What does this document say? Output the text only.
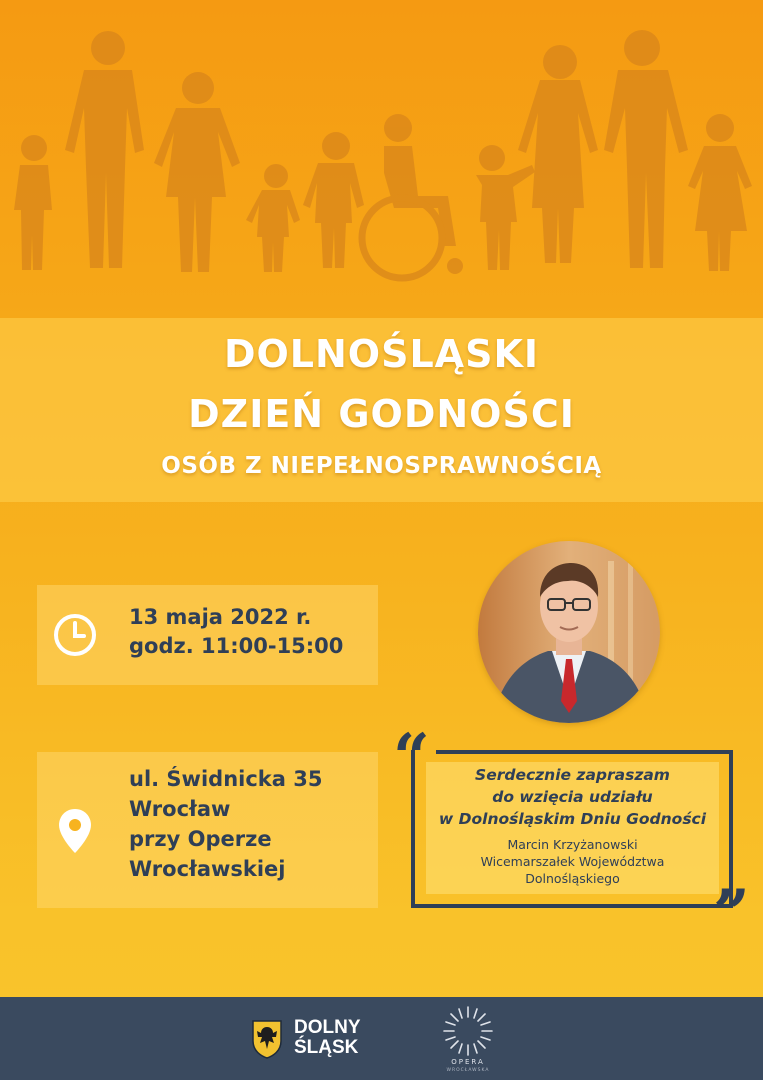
DOLNOŚLĄSKI
DZIEŃ GODNOŚCI
OSÓB Z NIEPEŁNOSPRAWNOŚCIĄ
13 maja 2022 r.
godz. 11:00-15:00
ul. Świdnicka 35
Wrocław
przy Operze
Wrocławskiej
“
”
Serdecznie zapraszam
do wzięcia udziału
w Dolnośląskim Dniu Godności
Marcin Krzyżanowski
Wicemarszałek Województwa
Dolnośląskiego
DOLNY
ŚLĄSK
OPERA
WROCŁAWSKA
